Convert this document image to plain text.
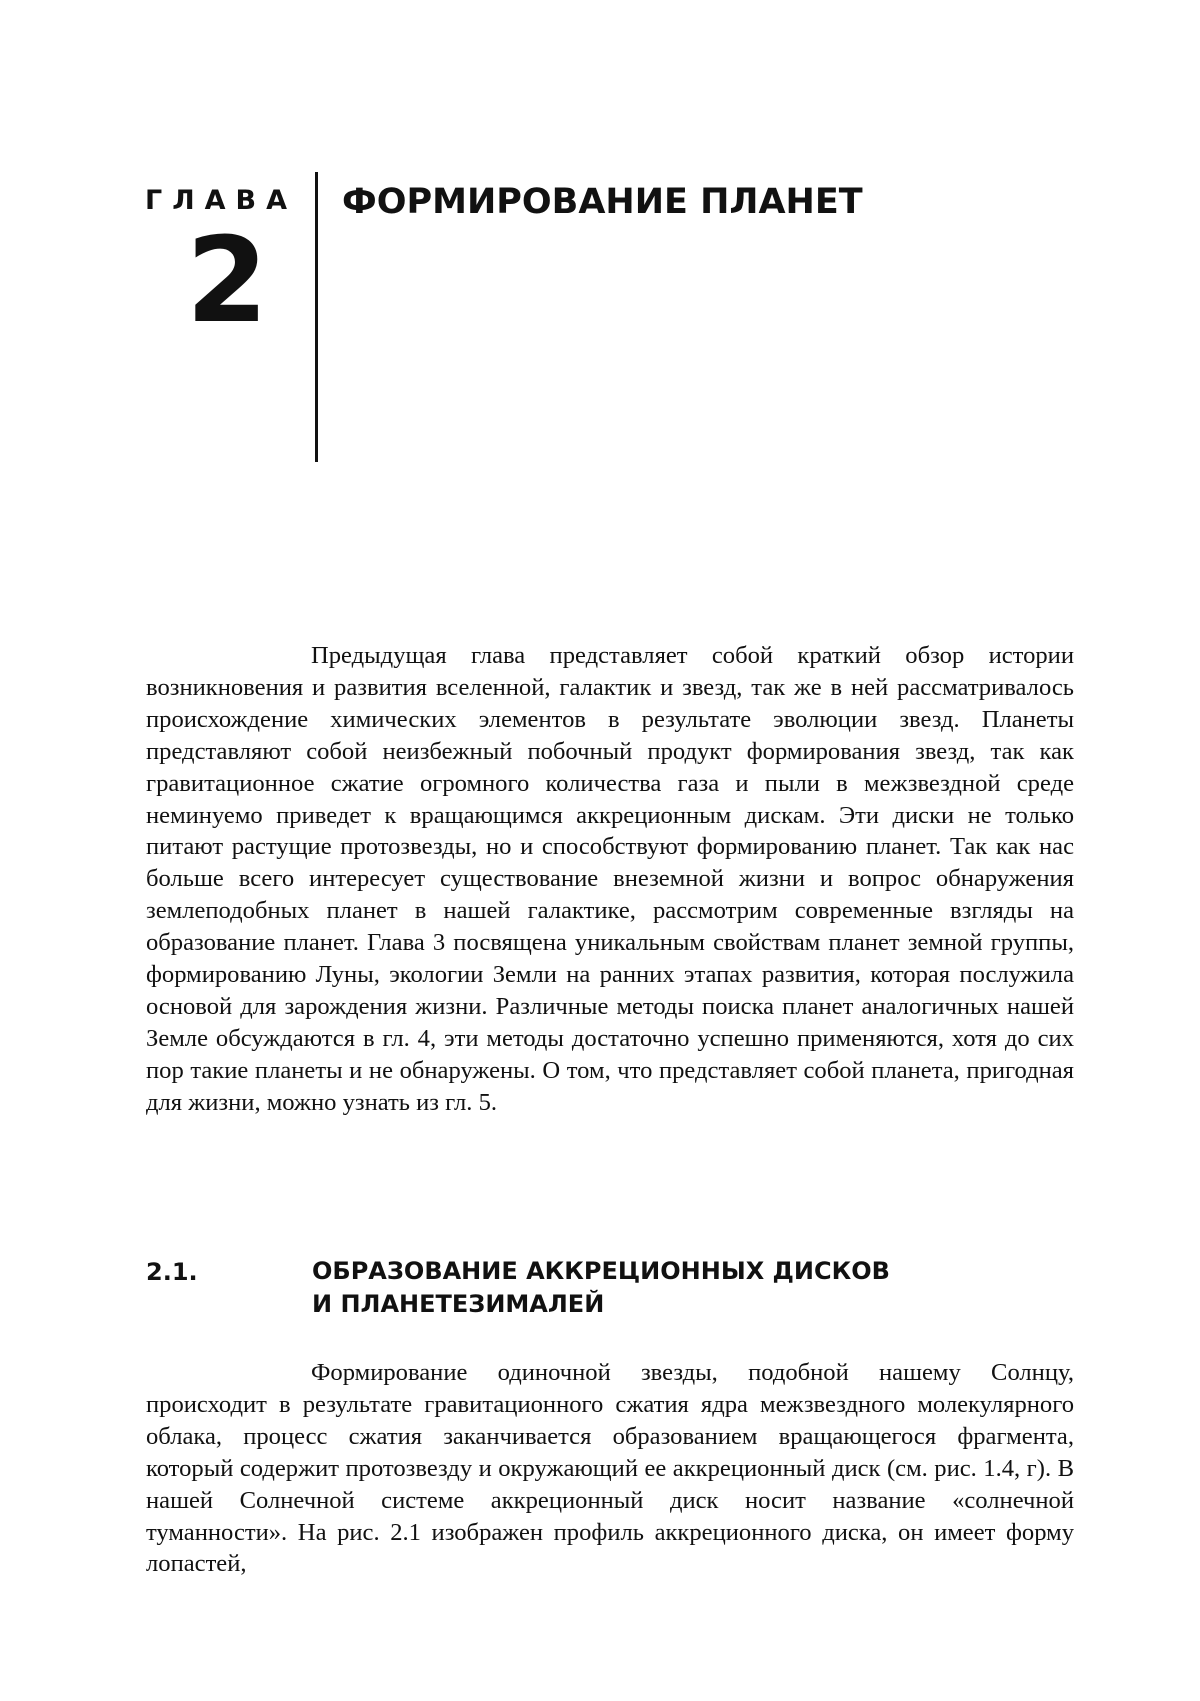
ГЛАВА
2
ФОРМИРОВАНИЕ ПЛАНЕТ

Предыдущая глава представляет собой краткий обзор истории возникновения и развития вселенной, галактик и звезд, так же в ней рассматривалось происхождение химических элементов в результате эволюции звезд. Планеты представляют собой неизбежный побочный продукт формирования звезд, так как гравитационное сжатие огромного количества газа и пыли в межзвездной среде неминуемо приведет к вращающимся аккреционным дискам. Эти диски не только питают растущие протозвезды, но и способствуют формированию планет. Так как нас больше всего интересует существование внеземной жизни и вопрос обнаружения землеподобных планет в нашей галактике, рассмотрим современные взгляды на образование планет. Глава 3 посвящена уникальным свойствам планет земной группы, формированию Луны, экологии Земли на ранних этапах развития, которая послужила основой для зарождения жизни. Различные методы поиска планет аналогичных нашей Земле обсуждаются в гл. 4, эти методы достаточно успешно применяются, хотя до сих пор такие планеты и не обнаружены. О том, что представляет собой планета, пригодная для жизни, можно узнать из гл. 5.

2.1.	ОБРАЗОВАНИЕ АККРЕЦИОННЫХ ДИСКОВ
И ПЛАНЕТЕЗИМАЛЕЙ

Формирование одиночной звезды, подобной нашему Солнцу, происходит в результате гравитационного сжатия ядра межзвездного молекулярного облака, процесс сжатия заканчивается образованием вращающегося фрагмента, который содержит протозвезду и окружающий ее аккреционный диск (см. рис. 1.4, г). В нашей Солнечной системе аккреционный диск носит название «солнечной туманности». На рис. 2.1 изображен профиль аккреционного диска, он имеет форму лопастей,
